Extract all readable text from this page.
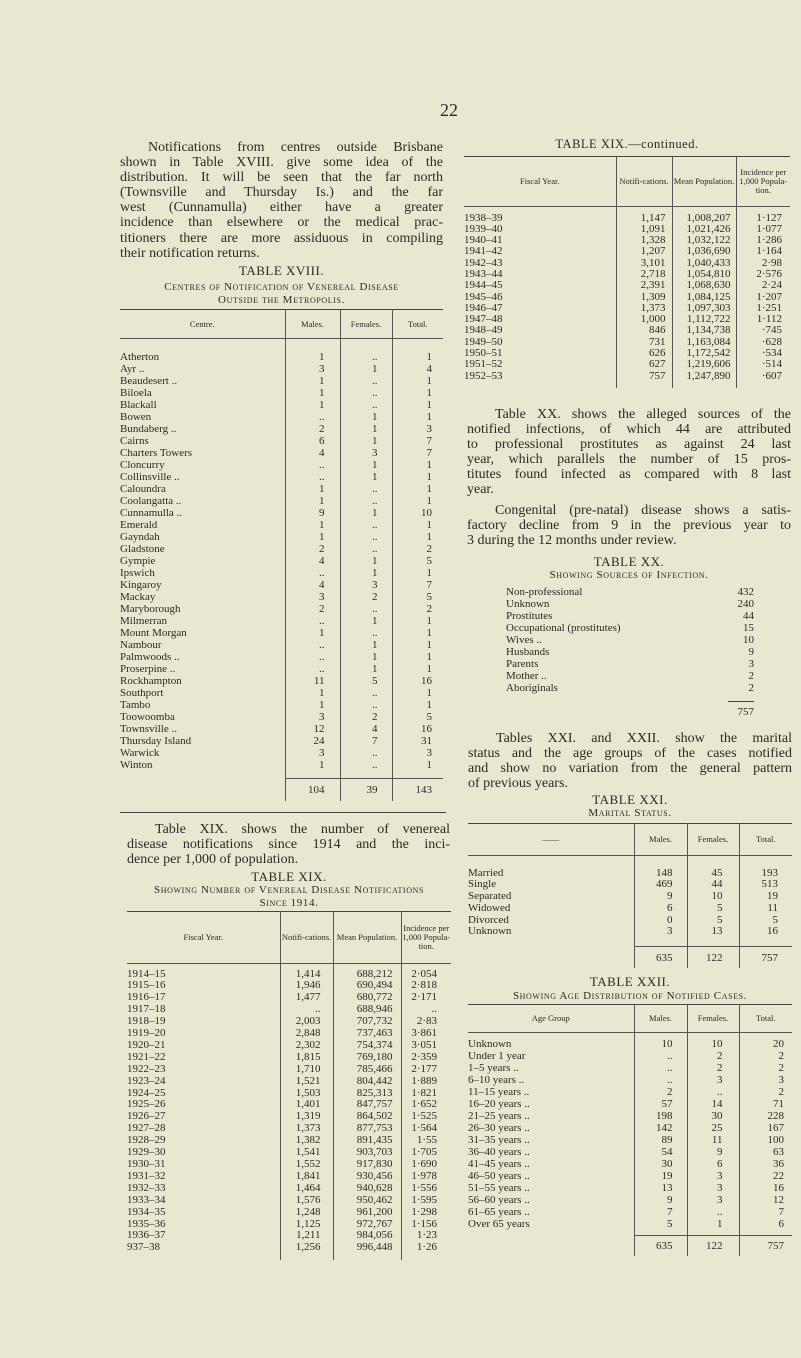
22
Notifications from centres outside Brisbane
shown in Table XVIII. give some idea of the
distribution. It will be seen that the far north
(Townsville and Thursday Is.) and the far
west (Cunnamulla) either have a greater
incidence than elsewhere or the medical prac-
titioners there are more assiduous in compiling
their notification returns.
TABLE XVIII.
Centres of Notification of Venereal Disease
Outside the Metropolis.
Centre.	Males.	Females.	Total.

Atherton	1	..	1
Ayr ..	3	1	4
Beaudesert ..	1	..	1
Biloela	1	..	1
Blackall	1	..	1
Bowen	..	1	1
Bundaberg ..	2	1	3
Cairns	6	1	7
Charters Towers	4	3	7
Cloncurry	..	1	1
Collinsville ..	..	1	1
Caloundra	1	..	1
Coolangatta ..	1	..	1
Cunnamulla ..	9	1	10
Emerald	1	..	1
Gayndah	1	..	1
Gladstone	2	..	2
Gympie	4	1	5
Ipswich	..	1	1
Kingaroy	4	3	7
Mackay	3	2	5
Maryborough	2	..	2
Milmerran	..	1	1
Mount Morgan	1	..	1
Nambour	..	1	1
Palmwoods ..	..	1	1
Proserpine ..	..	1	1
Rockhampton	11	5	16
Southport	1	..	1
Tambo	1	..	1
Toowoomba	3	2	5
Townsville ..	12	4	16
Thursday Island	24	7	31
Warwick	3	..	3
Winton	1	..	1

	104	39	143
Table XIX. shows the number of venereal
disease notifications since 1914 and the inci-
dence per 1,000 of population.
TABLE XIX.
Showing Number of Venereal Disease Notifications
Since 1914.
Fiscal Year.	Notifi-cations.	Mean Population.	Incidence per 1,000 Popula-tion.

1914–15	1,414	688,212	2·054
1915–16	1,946	690,494	2·818
1916–17	1,477	680,772	2·171
1917–18	..	688,946	..
1918–19	2,003	707,732	2·83
1919–20	2,848	737,463	3·861
1920–21	2,302	754,374	3·051
1921–22	1,815	769,180	2·359
1922–23	1,710	785,466	2·177
1923–24	1,521	804,442	1·889
1924–25	1,503	825,313	1·821
1925–26	1,401	847,757	1·652
1926–27	1,319	864,502	1·525
1927–28	1,373	877,753	1·564
1928–29	1,382	891,435	1·55
1929–30	1,541	903,703	1·705
1930–31	1,552	917,830	1·690
1931–32	1,841	930,456	1·978
1932–33	1,464	940,628	1·556
1933–34	1,576	950,462	1·595
1934–35	1,248	961,200	1·298
1935–36	1,125	972,767	1·156
1936–37	1,211	984,056	1·23
937–38	1,256	996,448	1·26

TABLE XIX.—continued.
Fiscal Year.	Notifi-cations.	Mean Population.	Incidence per 1,000 Popula-tion.

1938–39	1,147	1,008,207	1·127
1939–40	1,091	1,021,426	1·077
1940–41	1,328	1,032,122	1·286
1941–42	1,207	1,036,690	1·164
1942–43	3,101	1,040,433	2·98
1943–44	2,718	1,054,810	2·576
1944–45	2,391	1,068,630	2·24
1945–46	1,309	1,084,125	1·207
1946–47	1,373	1,097,303	1·251
1947–48	1,000	1,112,722	1·112
1948–49	846	1,134,738	·745
1949–50	731	1,163,084	·628
1950–51	626	1,172,542	·534
1951–52	627	1,219,606	·514
1952–53	757	1,247,890	·607

Table XX. shows the alleged sources of the
notified infections, of which 44 are attributed
to professional prostitutes as against 24 last
year, which parallels the number of 15 pros-
titutes found infected as compared with 8 last
year.
Congenital (pre-natal) disease shows a satis-
factory decline from 9 in the previous year to
3 during the 12 months under review.
TABLE XX.
Showing Sources of Infection.
Non-professional	432
Unknown	240
Prostitutes	44
Occupational (prostitutes)	15
Wives ..	10
Husbands	9
Parents	3
Mother ..	2
Aboriginals	2
757
Tables XXI. and XXII. show the marital
status and the age groups of the cases notified
and show no variation from the general pattern
of previous years.
TABLE XXI.
Marital Status.
——	Males.	Females.	Total.

Married	148	45	193
Single	469	44	513
Separated	9	10	19
Widowed	6	5	11
Divorced	0	5	5
Unknown	3	13	16

	635	122	757
TABLE XXII.
Showing Age Distribution of Notified Cases.
Age Group	Males.	Females.	Total.

Unknown	10	10	20
Under 1 year	..	2	2
1–5 years ..	..	2	2
6–10 years ..	..	3	3
11–15 years ..	2	..	2
16–20 years ..	57	14	71
21–25 years ..	198	30	228
26–30 years ..	142	25	167
31–35 years ..	89	11	100
36–40 years ..	54	9	63
41–45 years ..	30	6	36
46–50 years ..	19	3	22
51–55 years ..	13	3	16
56–60 years ..	9	3	12
61–65 years ..	7	..	7
Over 65 years	5	1	6

	635	122	757
